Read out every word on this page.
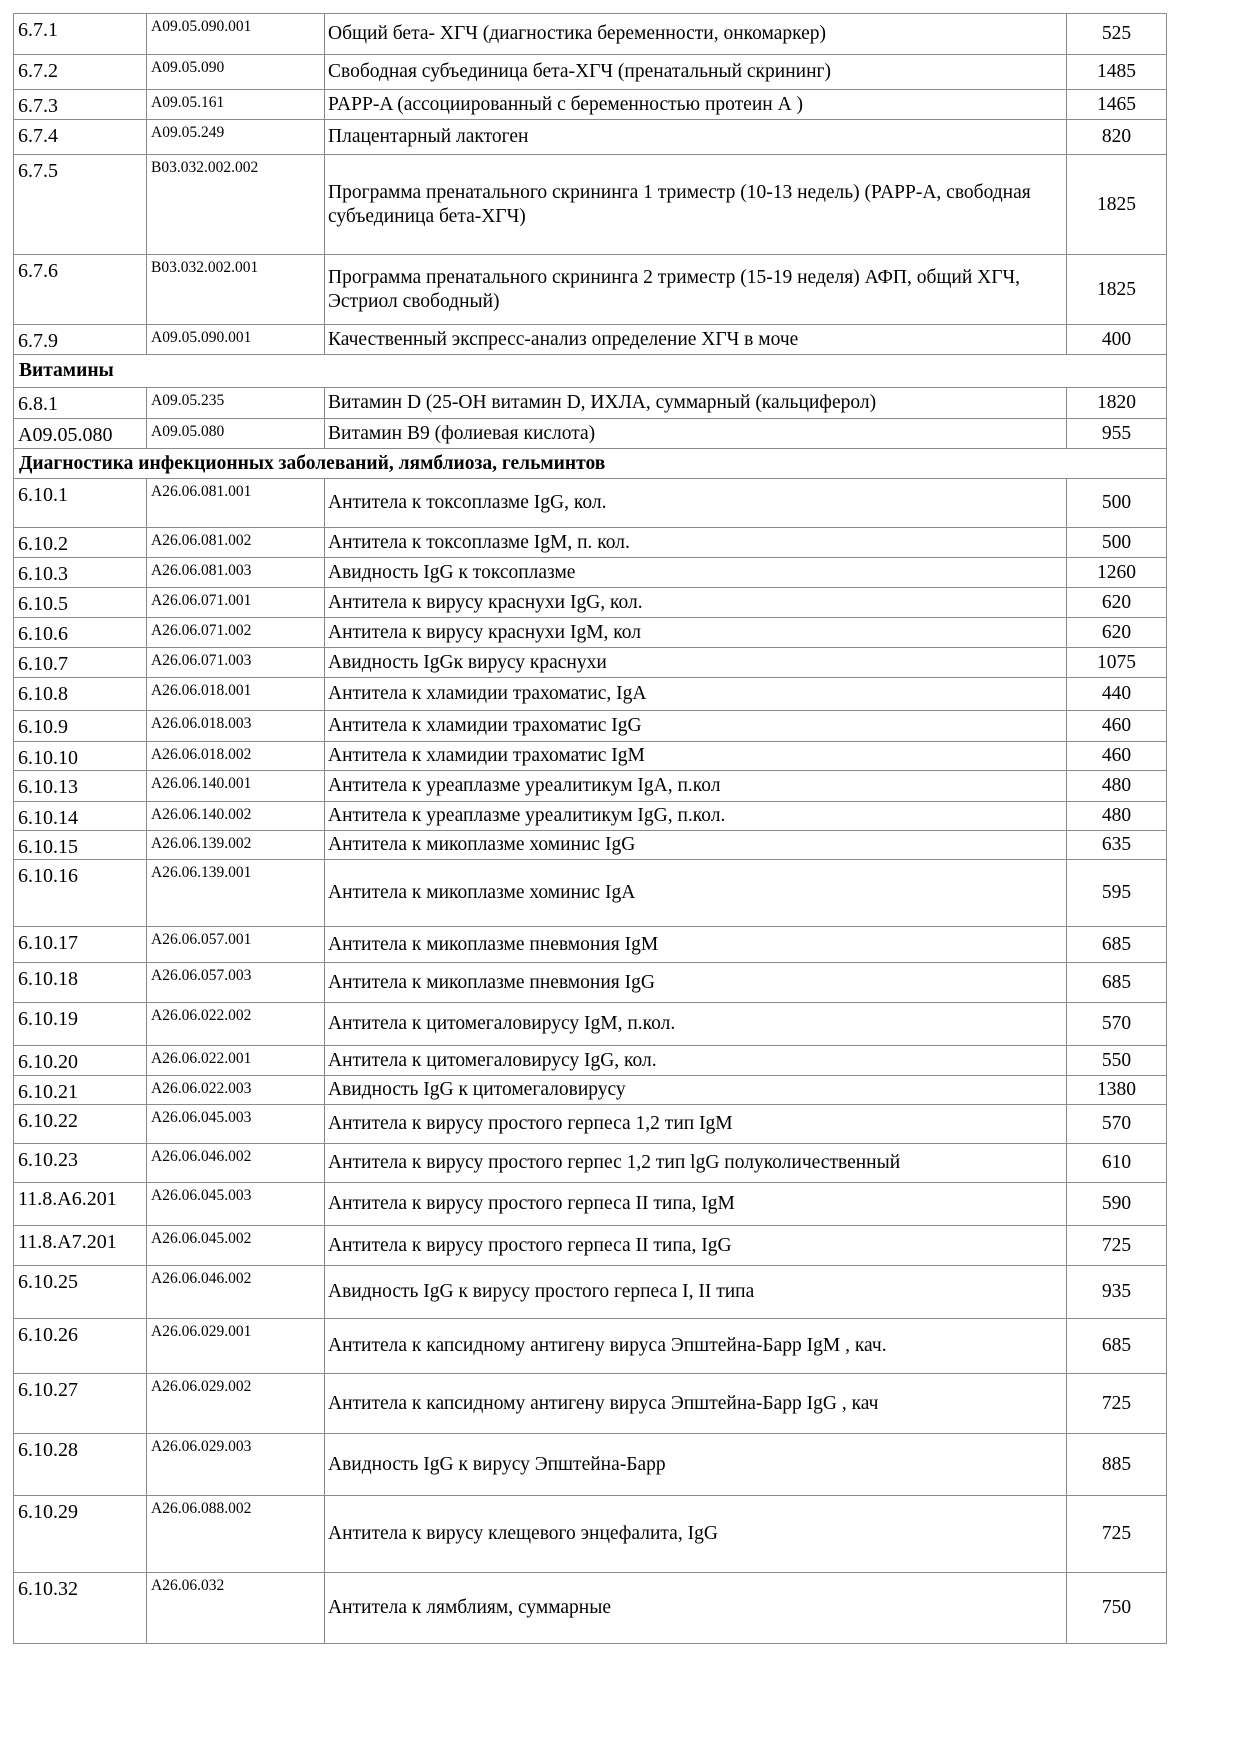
6.7.1	A09.05.090.001	Общий бета- ХГЧ (диагностика беременности, онкомаркер)	525
6.7.2	A09.05.090	Свободная субъединица бета-ХГЧ (пренатальный скрининг)	1485
6.7.3	A09.05.161	PAPP-A (ассоциированный с беременностью протеин А )	1465
6.7.4	A09.05.249	Плацентарный лактоген	820
6.7.5	B03.032.002.002	Программа пренатального скрининга 1 триместр (10-13 недель) (PAPP-A, свободная субъединица бета-ХГЧ)	1825
6.7.6	B03.032.002.001	Программа пренатального скрининга 2 триместр (15-19 неделя) АФП, общий ХГЧ, Эстриол свободный)	1825
6.7.9	A09.05.090.001	Качественный экспресс-анализ определение ХГЧ в моче	400
Витамины			
6.8.1	A09.05.235	Витамин D (25-OH витамин D, ИХЛА, суммарный (кальциферол)	1820
A09.05.080	A09.05.080	Витамин В9 (фолиевая кислота)	955
Диагностика инфекционных заболеваний, лямблиоза, гельминтов			
6.10.1	A26.06.081.001	Антитела к токсоплазме IgG, кол.	500
6.10.2	A26.06.081.002	Антитела к токсоплазме IgM, п. кол.	500
6.10.3	A26.06.081.003	Авидность IgG к токсоплазме	1260
6.10.5	A26.06.071.001	Антитела к вирусу краснухи IgG, кол.	620
6.10.6	A26.06.071.002	Антитела к вирусу краснухи IgM, кол	620
6.10.7	A26.06.071.003	Авидность IgGк вирусу краснухи	1075
6.10.8	A26.06.018.001	Антитела к хламидии трахоматис, IgA	440
6.10.9	A26.06.018.003	Антитела к хламидии трахоматис IgG	460
6.10.10	A26.06.018.002	Антитела к хламидии трахоматис IgM	460
6.10.13	A26.06.140.001	Антитела к уреаплазме уреалитикум IgA, п.кол	480
6.10.14	A26.06.140.002	Антитела к уреаплазме уреалитикум IgG, п.кол.	480
6.10.15	A26.06.139.002	Антитела к микоплазме хоминис IgG	635
6.10.16	A26.06.139.001	Антитела к микоплазме хоминис IgA	595
6.10.17	A26.06.057.001	Антитела к микоплазме пневмония IgM	685
6.10.18	A26.06.057.003	Антитела к микоплазме пневмония IgG	685
6.10.19	A26.06.022.002	Антитела к цитомегаловирусу IgM, п.кол.	570
6.10.20	A26.06.022.001	Антитела к цитомегаловирусу IgG, кол.	550
6.10.21	A26.06.022.003	Авидность IgG к цитомегаловирусу	1380
6.10.22	A26.06.045.003	Антитела к вирусу простого герпеса 1,2 тип IgM	570
6.10.23	A26.06.046.002	Антитела к вирусу простого герпес 1,2 тип lgG полуколичественный	610
11.8.A6.201	A26.06.045.003	Антитела к вирусу простого герпеса II типа, IgM	590
11.8.A7.201	A26.06.045.002	Антитела к вирусу простого герпеса II типа, IgG	725
6.10.25	A26.06.046.002	Авидность IgG к вирусу простого герпеса I, II типа	935
6.10.26	A26.06.029.001	Антитела к капсидному антигену вируса Эпштейна-Барр IgM , кач.	685
6.10.27	A26.06.029.002	Антитела к капсидному антигену вируса Эпштейна-Барр IgG , кач	725
6.10.28	A26.06.029.003	Авидность IgG к вирусу Эпштейна-Барр	885
6.10.29	A26.06.088.002	Антитела к вирусу клещевого энцефалита, IgG	725
6.10.32	A26.06.032	Антитела к лямблиям, суммарные	750
